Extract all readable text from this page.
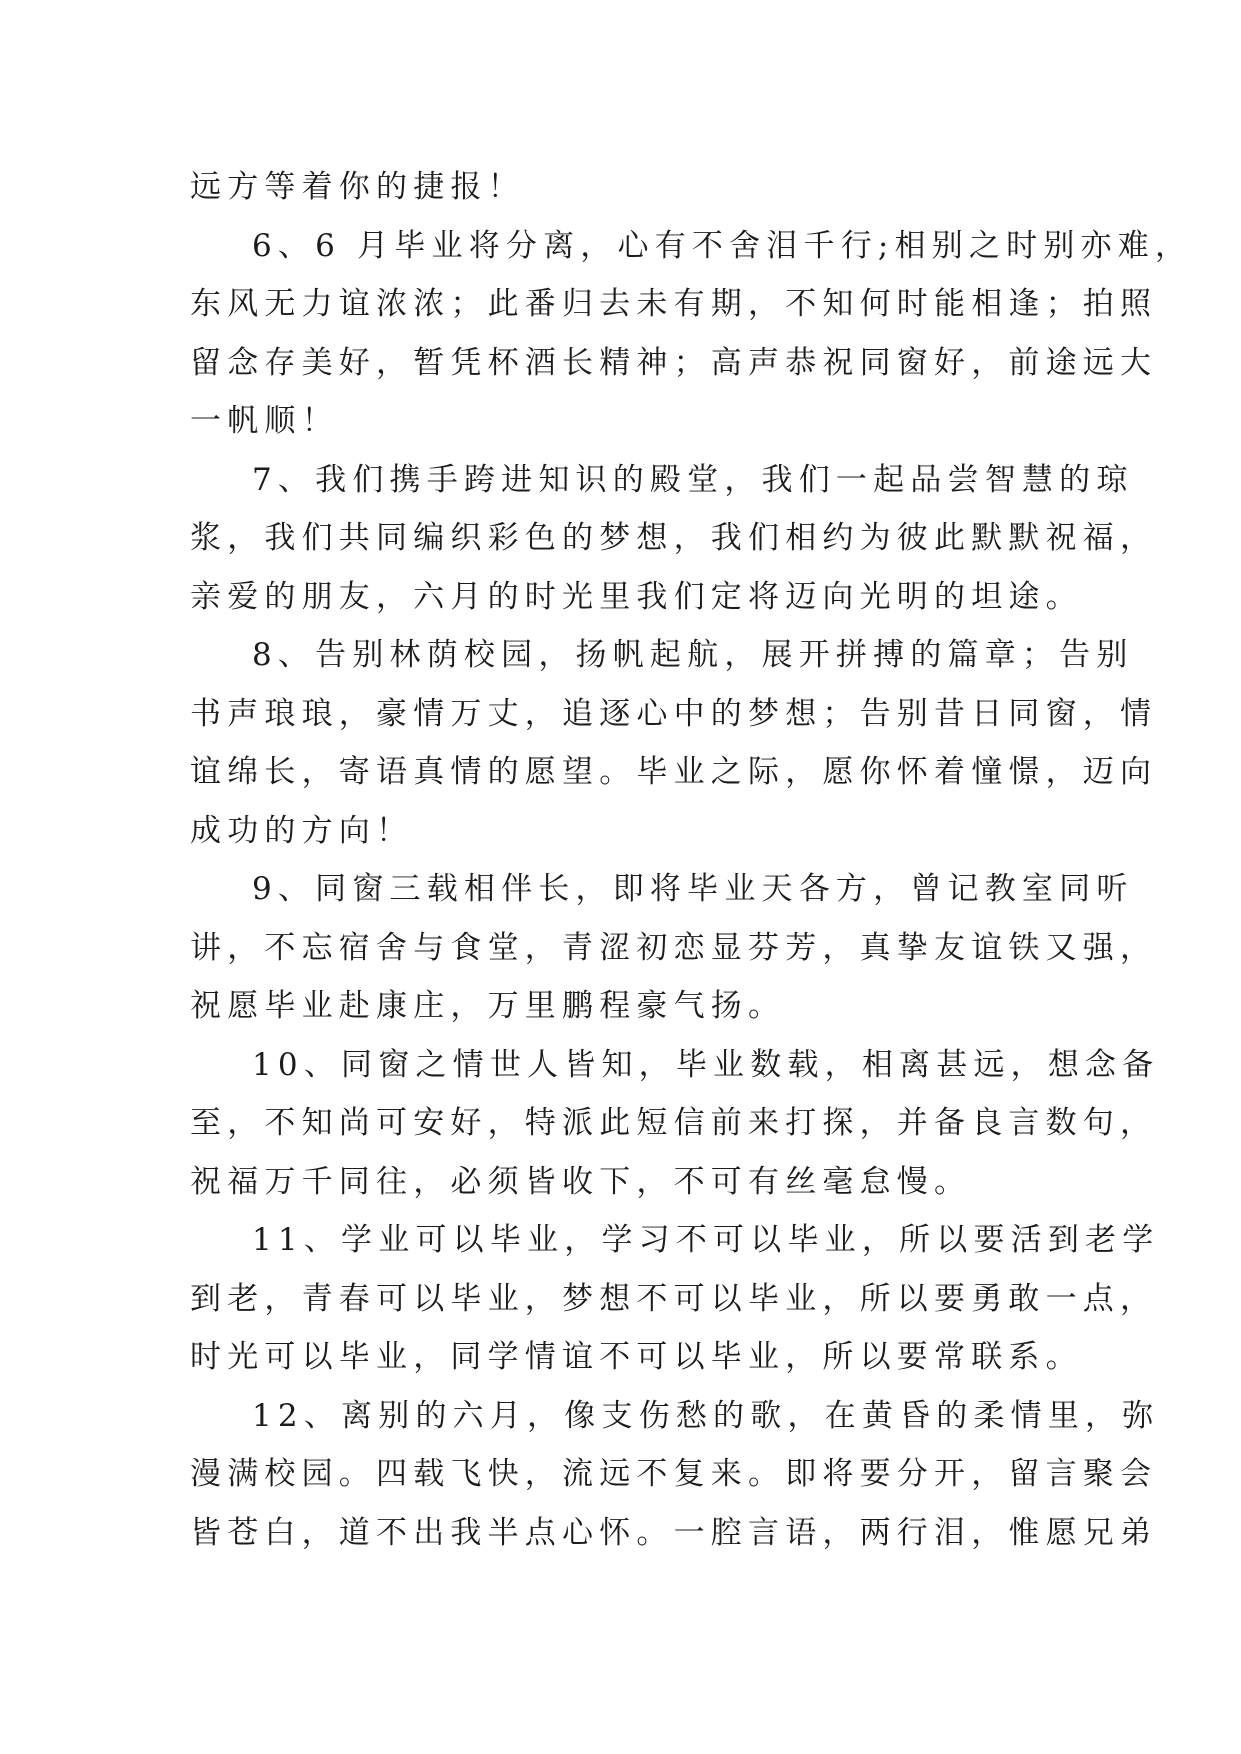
远方等着你的捷报！
6、6 月毕业将分离，心有不舍泪千行;相别之时别亦难，
东风无力谊浓浓；此番归去未有期，不知何时能相逢；拍照
留念存美好，暂凭杯酒长精神；高声恭祝同窗好，前途远大
一帆顺！
7、我们携手跨进知识的殿堂，我们一起品尝智慧的琼
浆，我们共同编织彩色的梦想，我们相约为彼此默默祝福，
亲爱的朋友，六月的时光里我们定将迈向光明的坦途。
8、告别林荫校园，扬帆起航，展开拼搏的篇章；告别
书声琅琅，豪情万丈，追逐心中的梦想；告别昔日同窗，情
谊绵长，寄语真情的愿望。毕业之际，愿你怀着憧憬，迈向
成功的方向！
9、同窗三载相伴长，即将毕业天各方，曾记教室同听
讲，不忘宿舍与食堂，青涩初恋显芬芳，真挚友谊铁又强，
祝愿毕业赴康庄，万里鹏程豪气扬。
10、同窗之情世人皆知，毕业数载，相离甚远，想念备
至，不知尚可安好，特派此短信前来打探，并备良言数句，
祝福万千同往，必须皆收下，不可有丝毫怠慢。
11、学业可以毕业，学习不可以毕业，所以要活到老学
到老，青春可以毕业，梦想不可以毕业，所以要勇敢一点，
时光可以毕业，同学情谊不可以毕业，所以要常联系。
12、离别的六月，像支伤愁的歌，在黄昏的柔情里，弥
漫满校园。四载飞快，流远不复来。即将要分开，留言聚会
皆苍白，道不出我半点心怀。一腔言语，两行泪，惟愿兄弟
